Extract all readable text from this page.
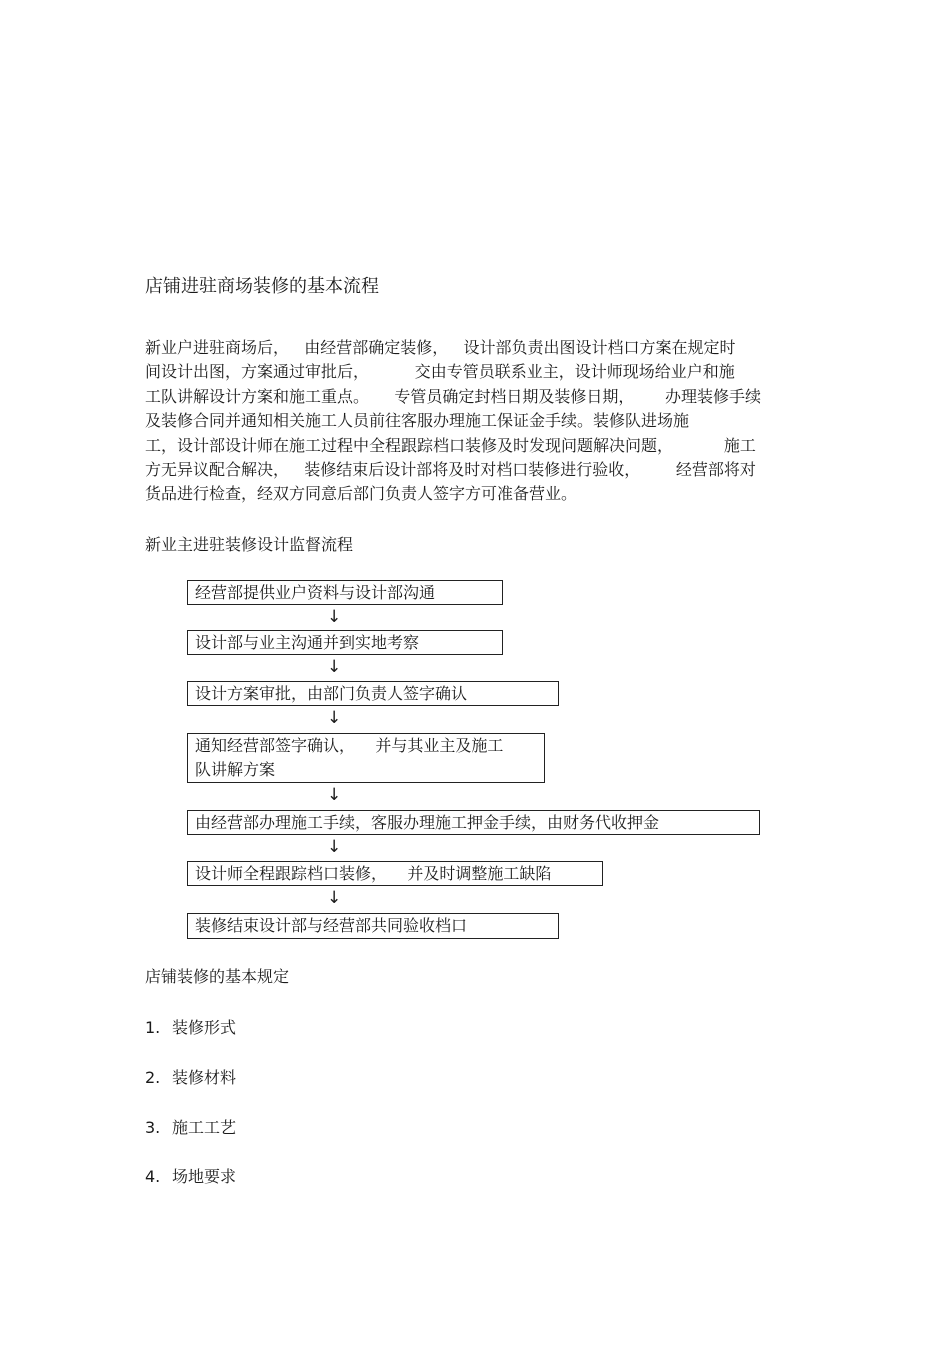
店铺进驻商场装修的基本流程
新业户进驻商场后，   由经营部确定装修，   设计部负责出图设计档口方案在规定时
间设计出图，方案通过审批后，         交由专管员联系业主，设计师现场给业户和施
工队讲解设计方案和施工重点。     专管员确定封档日期及装修日期，      办理装修手续
及装修合同并通知相关施工人员前往客服办理施工保证金手续。装修队进场施
工，设计部设计师在施工过程中全程跟踪档口装修及时发现问题解决问题，          施工
方无异议配合解决，   装修结束后设计部将及时对档口装修进行验收，       经营部将对
货品进行检查，经双方同意后部门负责人签字方可准备营业。
新业主进驻装修设计监督流程
经营部提供业户资料与设计部沟通
↓
设计部与业主沟通并到实地考察
↓
设计方案审批，由部门负责人签字确认
↓
通知经营部签字确认，    并与其业主及施工
队讲解方案
↓
由经营部办理施工手续，客服办理施工押金手续，由财务代收押金
↓
设计师全程跟踪档口装修，    并及时调整施工缺陷
↓
装修结束设计部与经营部共同验收档口
店铺装修的基本规定
1. 装修形式
2. 装修材料
3. 施工工艺
4. 场地要求
